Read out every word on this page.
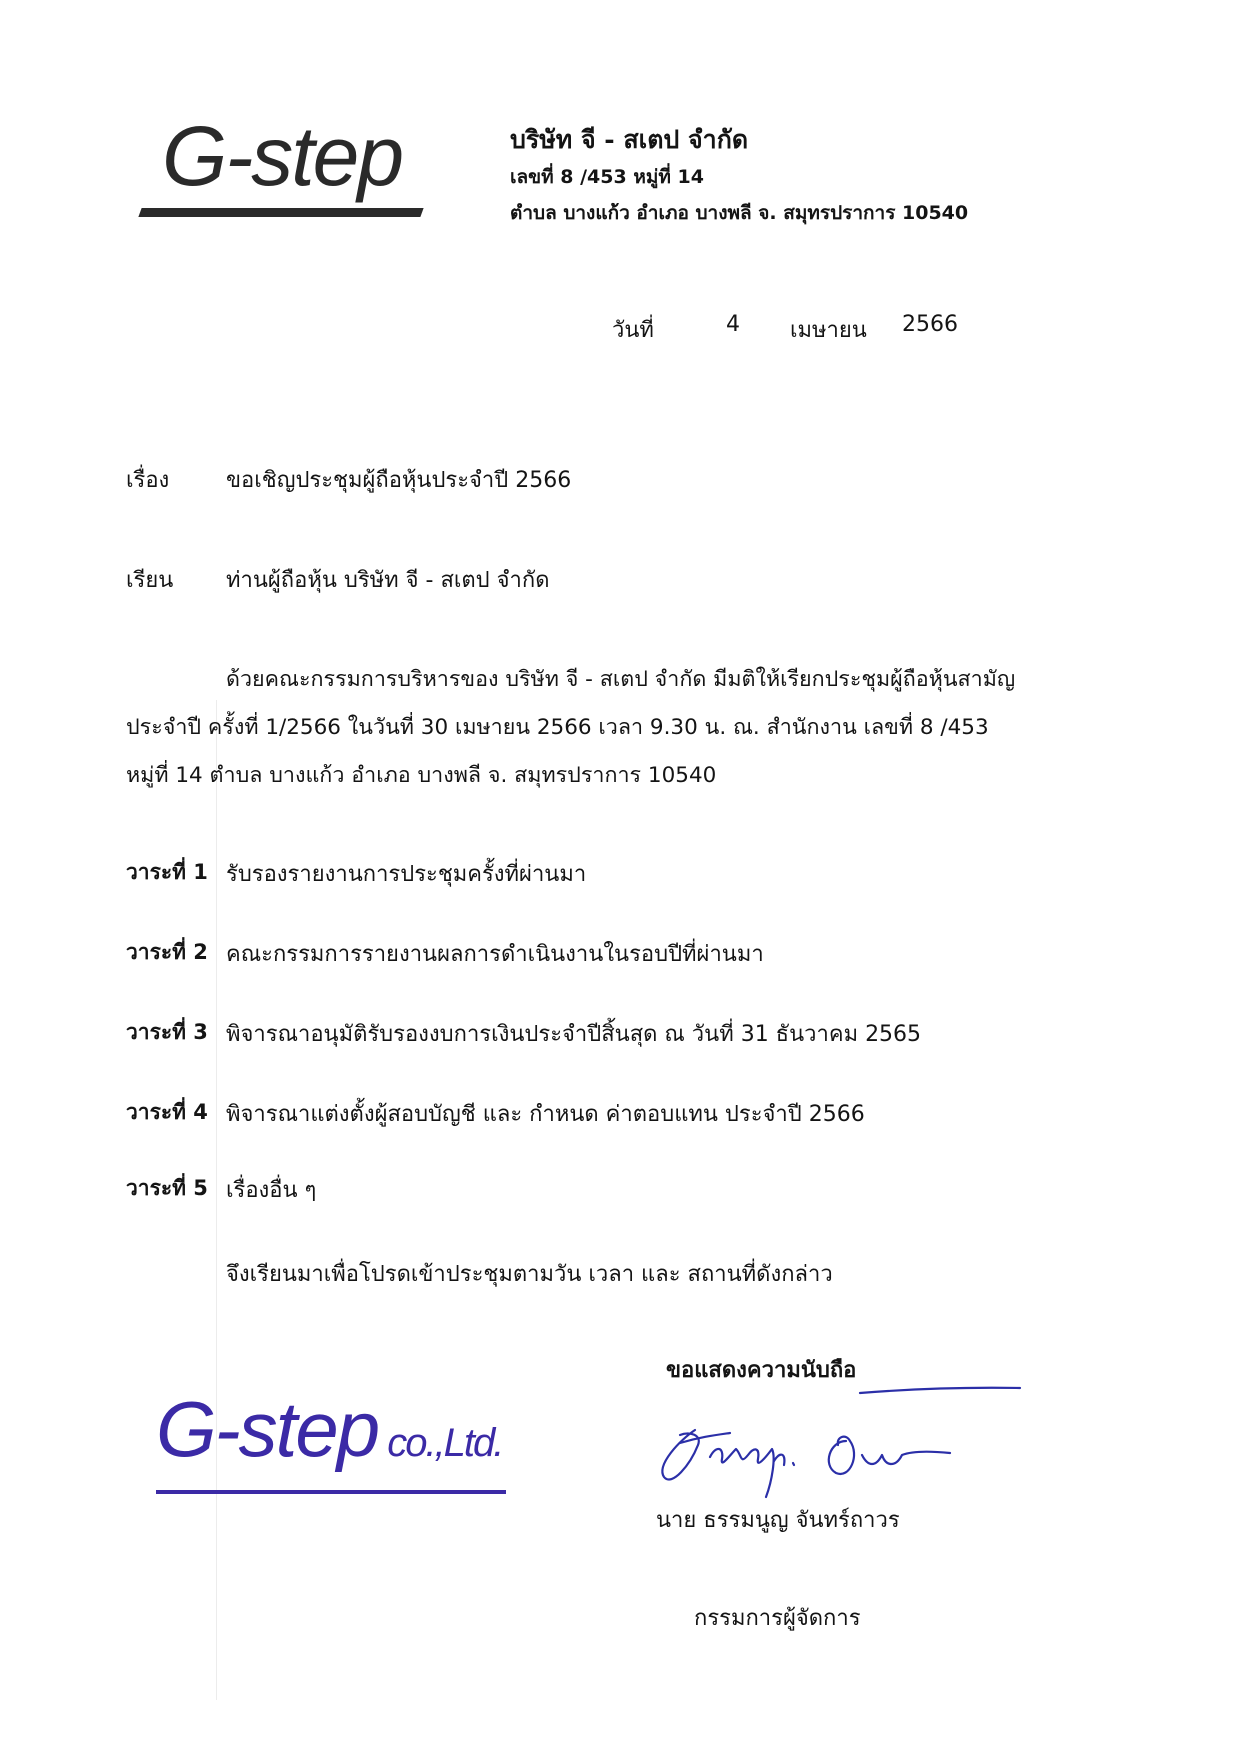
G-step	บริษัท จี - สเตป จำกัด
เลขที่ 8 /453 หมู่ที่ 14
ตำบล บางแก้ว อำเภอ บางพลี จ. สมุทรปราการ 10540
วันที่	4 เมษายน 2566
เรื่อง	ขอเชิญประชุมผู้ถือหุ้นประจำปี 2566
เรียน ท่านผู้ถือหุ้น บริษัท จี - สเตป จำกัด
ด้วยคณะกรรมการบริหารของ บริษัท จี - สเตป จำกัด มีมติให้เรียกประชุมผู้ถือหุ้นสามัญ
ประจำปี ครั้งที่ 1/2566 ในวันที่ 30 เมษายน 2566 เวลา 9.30 น. ณ. สำนักงาน เลขที่ 8 /453
หมู่ที่ 14 ตำบล บางแก้ว อำเภอ บางพลี จ. สมุทรปราการ 10540
วาระที่ 1 รับรองรายงานการประชุมครั้งที่ผ่านมา
วาระที่ 2 คณะกรรมการรายงานผลการดำเนินงานในรอบปีที่ผ่านมา
วาระที่ 3 พิจารณาอนุมัติรับรองงบการเงินประจำปีสิ้นสุด ณ วันที่ 31 ธันวาคม 2565
วาระที่ 4 พิจารณาแต่งตั้งผู้สอบบัญชี และ กำหนด ค่าตอบแทน ประจำปี 2566
วาระที่ 5 เรื่องอื่น ๆ
จึงเรียนมาเพื่อโปรดเข้าประชุมตามวัน เวลา และ สถานที่ดังกล่าว
ขอแสดงความนับถือ
G-step co.,Ltd.
นาย ธรรมนูญ จันทร์ถาวร
กรรมการผู้จัดการ
